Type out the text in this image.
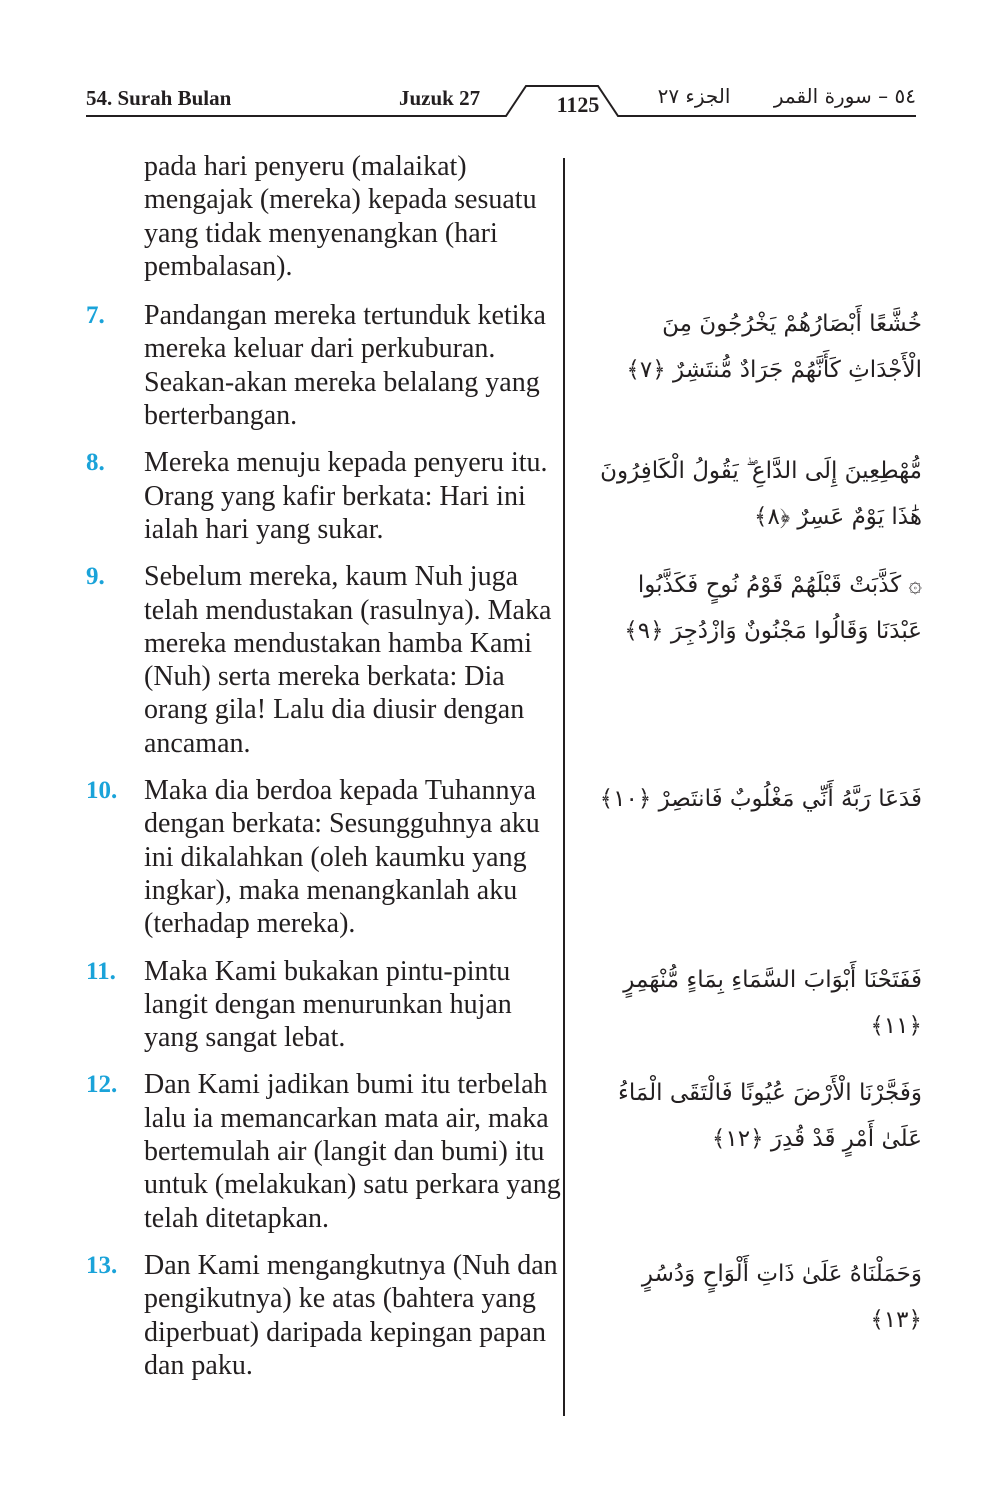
54. Surah Bulan	Juzuk 27	1125	الجزء ٢٧	٥٤ – سورة القمر
pada hari penyeru (malaikat) mengajak (mereka) kepada sesuatu yang tidak menyenangkan (hari pembalasan).
7.	Pandangan mereka tertunduk ketika mereka keluar dari perkuburan. Seakan-akan mereka belalang yang berterbangan.
خُشَّعًا أَبْصَارُهُمْ يَخْرُجُونَ مِنَ الْأَجْدَاثِ كَأَنَّهُمْ جَرَادٌ مُّنتَشِرٌ ﴿٧﴾
8.	Mereka menuju kepada penyeru itu. Orang yang kafir berkata: Hari ini ialah hari yang sukar.
مُّهْطِعِينَ إِلَى الدَّاعِ ۖ يَقُولُ الْكَافِرُونَ هَٰذَا يَوْمٌ عَسِرٌ ﴿٨﴾
9.	Sebelum mereka, kaum Nuh juga telah mendustakan (rasulnya). Maka mereka mendustakan hamba Kami (Nuh) serta mereka berkata: Dia orang gila! Lalu dia diusir dengan ancaman.
۞ كَذَّبَتْ قَبْلَهُمْ قَوْمُ نُوحٍ فَكَذَّبُوا عَبْدَنَا وَقَالُوا مَجْنُونٌ وَازْدُجِرَ ﴿٩﴾
10. Maka dia berdoa kepada Tuhannya dengan berkata: Sesungguhnya aku ini dikalahkan (oleh kaumku yang ingkar), maka menangkanlah aku (terhadap mereka).
فَدَعَا رَبَّهُ أَنِّي مَغْلُوبٌ فَانتَصِرْ ﴿١٠﴾
11.	Maka Kami bukakan pintu-pintu langit dengan menurunkan hujan yang sangat lebat.
فَفَتَحْنَا أَبْوَابَ السَّمَاءِ بِمَاءٍ مُّنْهَمِرٍ ﴿١١﴾
12. Dan Kami jadikan bumi itu terbelah lalu ia memancarkan mata air, maka bertemulah air (langit dan bumi) itu untuk (melakukan) satu perkara yang telah ditetapkan.
وَفَجَّرْنَا الْأَرْضَ عُيُونًا فَالْتَقَى الْمَاءُ عَلَىٰ أَمْرٍ قَدْ قُدِرَ ﴿١٢﴾
13. Dan Kami mengangkutnya (Nuh dan pengikutnya) ke atas (bahtera yang diperbuat) daripada kepingan papan dan paku.
وَحَمَلْنَاهُ عَلَىٰ ذَاتِ أَلْوَاحٍ وَدُسُرٍ ﴿١٣﴾
